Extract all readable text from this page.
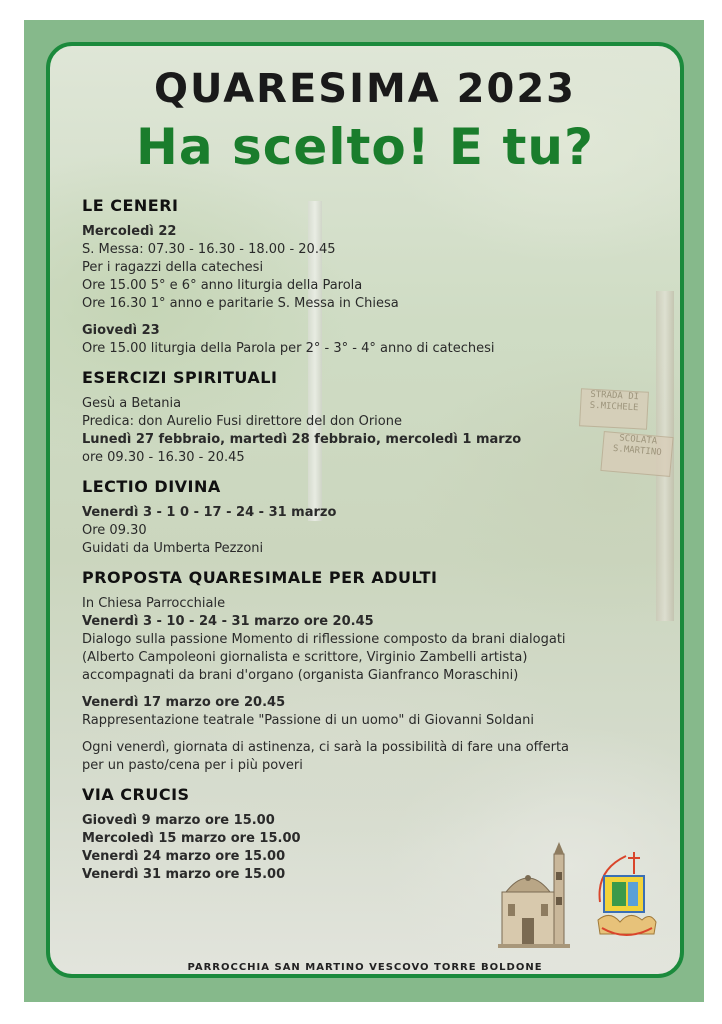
STRADA DI S.MICHELE
SCOLATA S.MARTINO
QUARESIMA 2023
Ha scelto! E tu?
LE CENERI

Mercoledì 22

S. Messa: 07.30 - 16.30 - 18.00 - 20.45

Per i ragazzi della catechesi

Ore 15.00 5° e 6° anno liturgia della Parola

Ore 16.30 1° anno e paritarie S. Messa in Chiesa

Giovedì 23

Ore 15.00 liturgia della Parola per 2° - 3° - 4° anno di catechesi

ESERCIZI SPIRITUALI

Gesù a Betania

Predica: don Aurelio Fusi direttore del don Orione

Lunedì 27 febbraio, martedì 28 febbraio, mercoledì 1 marzo

ore 09.30 - 16.30 - 20.45

LECTIO DIVINA

Venerdì 3 - 1 0 - 17 - 24 - 31 marzo

Ore 09.30

Guidati da Umberta Pezzoni

PROPOSTA QUARESIMALE PER ADULTI

In Chiesa Parrocchiale

Venerdì 3 - 10 - 24 - 31 marzo ore 20.45

Dialogo sulla passione Momento di riflessione composto da brani dialogati

(Alberto Campoleoni giornalista e scrittore, Virginio Zambelli artista)

accompagnati da brani d'organo (organista Gianfranco Moraschini)

Venerdì 17 marzo ore 20.45

Rappresentazione teatrale "Passione di un uomo" di Giovanni Soldani

Ogni venerdì, giornata di astinenza, ci sarà la possibilità di fare una offerta

per un pasto/cena per i più poveri

VIA CRUCIS

Giovedì 9 marzo ore 15.00

Mercoledì 15 marzo ore 15.00

Venerdì 24 marzo ore 15.00

Venerdì 31 marzo ore 15.00

PARROCCHIA SAN MARTINO VESCOVO TORRE BOLDONE
